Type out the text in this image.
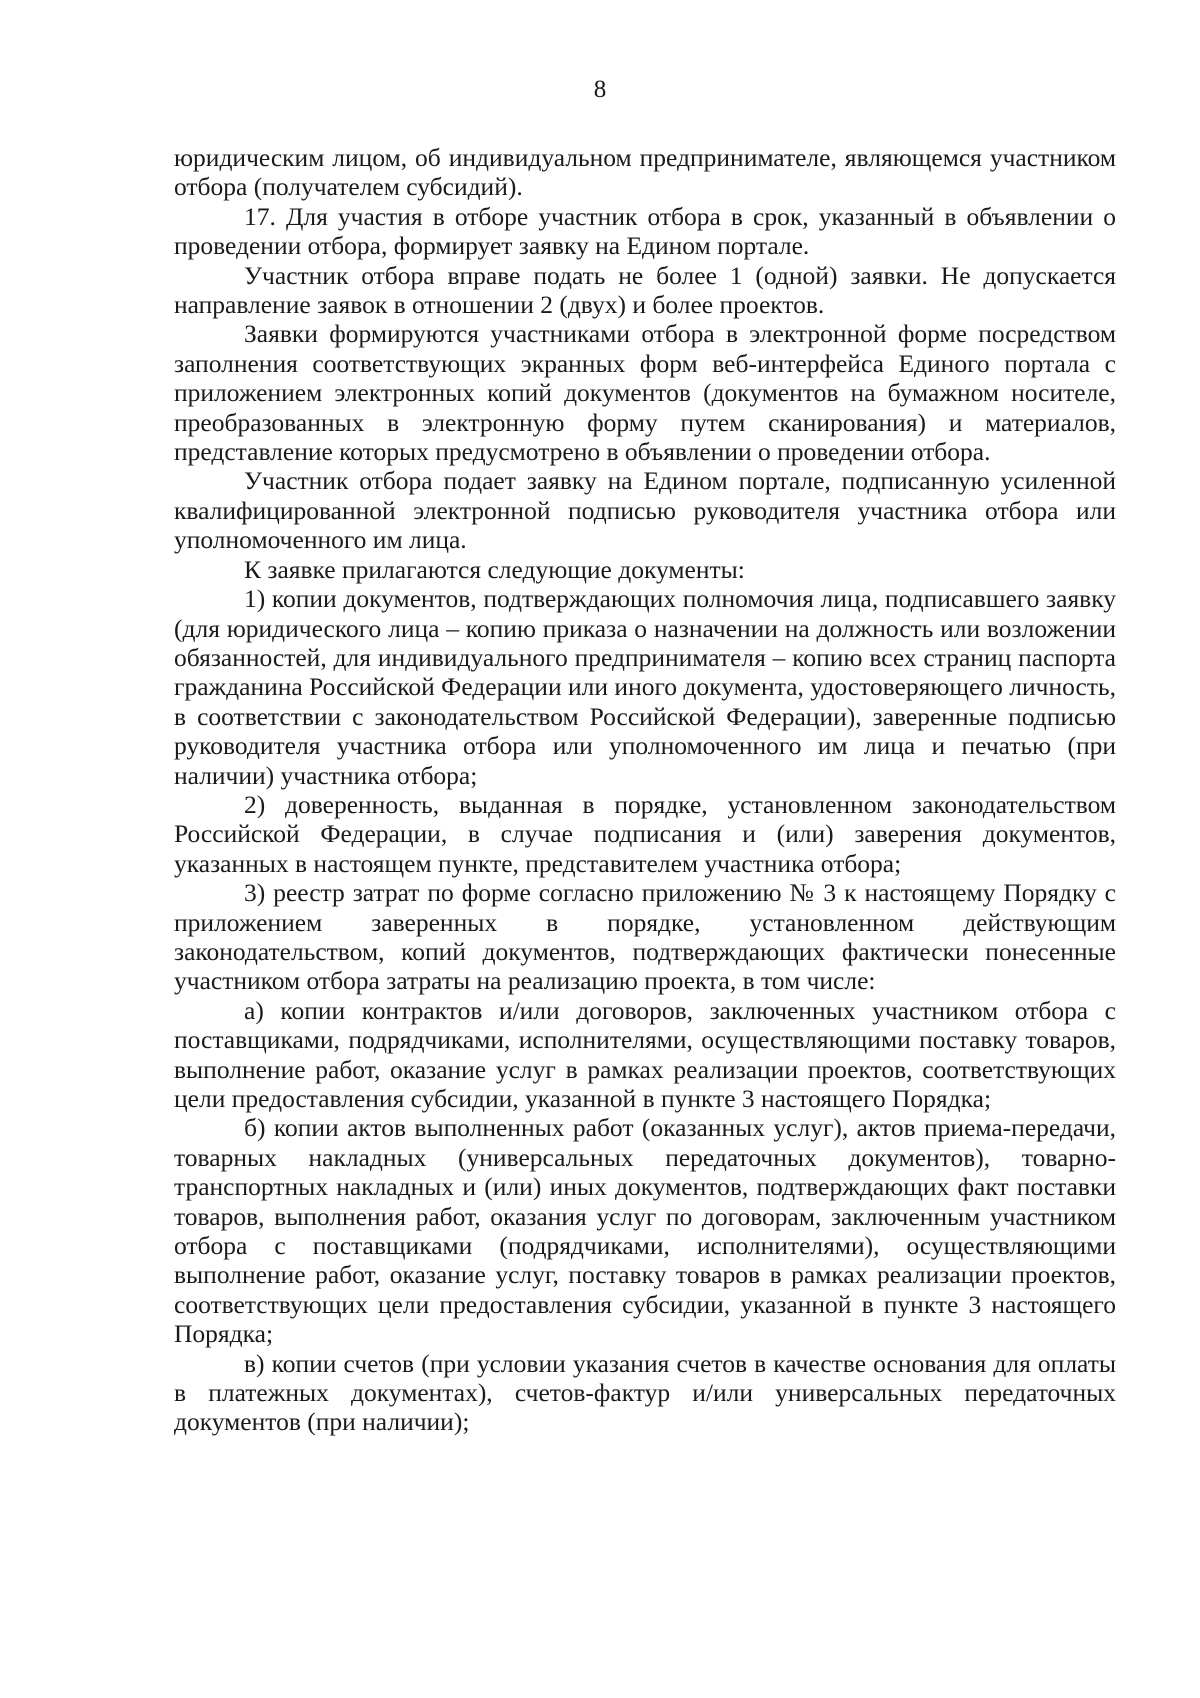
8

юридическим лицом, об индивидуальном предпринимателе, являющемся участником отбора (получателем субсидий).

17. Для участия в отборе участник отбора в срок, указанный в объявлении о проведении отбора, формирует заявку на Едином портале.

Участник отбора вправе подать не более 1 (одной) заявки. Не допускается направление заявок в отношении 2 (двух) и более проектов.

Заявки формируются участниками отбора в электронной форме посредством заполнения соответствующих экранных форм веб-интерфейса Единого портала с приложением электронных копий документов (документов на бумажном носителе, преобразованных в электронную форму путем сканирования) и материалов, представление которых предусмотрено в объявлении о проведении отбора.

Участник отбора подает заявку на Едином портале, подписанную усиленной квалифицированной электронной подписью руководителя участника отбора или уполномоченного им лица.

К заявке прилагаются следующие документы:

1) копии документов, подтверждающих полномочия лица, подписавшего заявку (для юридического лица – копию приказа о назначении на должность или возложении обязанностей, для индивидуального предпринимателя – копию всех страниц паспорта гражданина Российской Федерации или иного документа, удостоверяющего личность, в соответствии с законодательством Российской Федерации), заверенные подписью руководителя участника отбора или уполномоченного им лица и печатью (при наличии) участника отбора;

2) доверенность, выданная в порядке, установленном законодательством Российской Федерации, в случае подписания и (или) заверения документов, указанных в настоящем пункте, представителем участника отбора;

3) реестр затрат по форме согласно приложению № 3 к настоящему Порядку с приложением заверенных в порядке, установленном действующим законодательством, копий документов, подтверждающих фактически понесенные участником отбора затраты на реализацию проекта, в том числе:

а) копии контрактов и/или договоров, заключенных участником отбора с поставщиками, подрядчиками, исполнителями, осуществляющими поставку товаров, выполнение работ, оказание услуг в рамках реализации проектов, соответствующих цели предоставления субсидии, указанной в пункте 3 настоящего Порядка;

б) копии актов выполненных работ (оказанных услуг), актов приема-передачи, товарных накладных (универсальных передаточных документов), товарно-транспортных накладных и (или) иных документов, подтверждающих факт поставки товаров, выполнения работ, оказания услуг по договорам, заключенным участником отбора с поставщиками (подрядчиками, исполнителями), осуществляющими выполнение работ, оказание услуг, поставку товаров в рамках реализации проектов, соответствующих цели предоставления субсидии, указанной в пункте 3 настоящего Порядка;

в) копии счетов (при условии указания счетов в качестве основания для оплаты в платежных документах), счетов-фактур и/или универсальных передаточных документов (при наличии);
